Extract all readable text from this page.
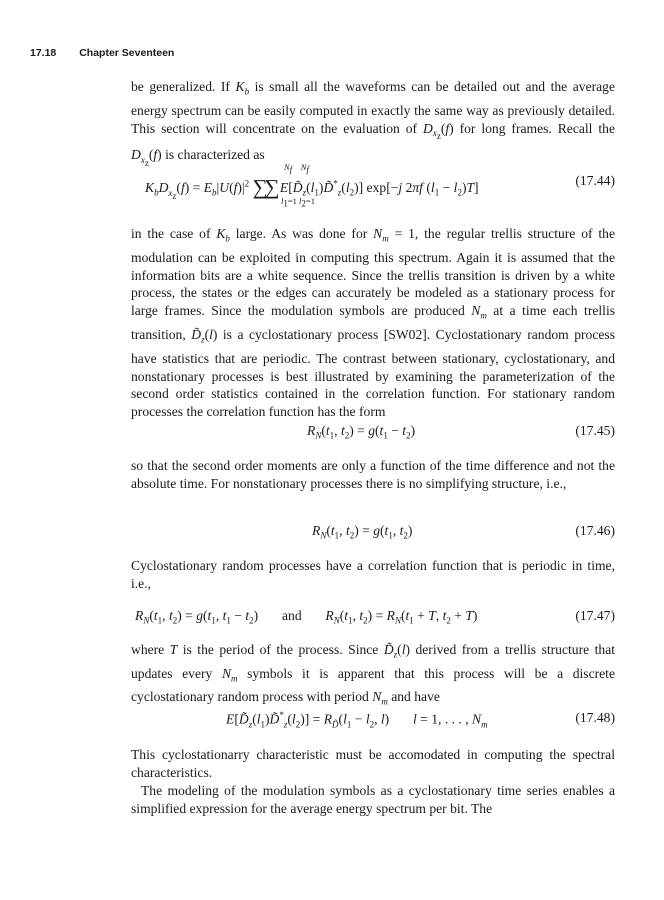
17.18 Chapter Seventeen

be generalized. If $K_b$ is small all the waveforms can be detailed out and the average energy spectrum can be easily computed in exactly the same way as previously detailed. This section will concentrate on the evaluation of $D_{x_z}(f)$ for long frames. Recall the $D_{x_z}(f)$ is characterized as

$K_bD_{x_z}(f) = E_b|U(f)|^2$ ∑∑ $E[D̃_z(l_1)D̃^*_z(l_2)]$ exp[−j 2πf $(l_1 - l_2)T$]	(17.44)
$N_f$ $N_f$
$l_1=1$ $l_2=1$

in the case of $K_b$ large. As was done for $N_m = 1$, the regular trellis structure of the modulation can be exploited in computing this spectrum. Again it is assumed that the information bits are a white sequence. Since the trellis transition is driven by a white process, the states or the edges can accurately be modeled as a stationary process for large frames. Since the modulation symbols are produced $N_m$ at a time each trellis transition, $D̃_z(l)$ is a cyclostationary process [SW02]. Cyclostationary random process have statistics that are periodic. The contrast between stationary, cyclostationary, and nonstationary processes is best illustrated by examining the parameterization of the second order statistics contained in the correlation function. For stationary random processes the correlation function has the form

$R_N(t_1$, $t_2) = g(t_1 - t_2)$	(17.45)

so that the second order moments are only a function of the time difference and not the absolute time. For nonstationary processes there is no simplifying structure, i.e.,

$R_N(t_1$, $t_2) = g(t_1$, $t_2$)	(17.46)

Cyclostationary random processes have a correlation function that is periodic in time, i.e.,

$R_N(t_1$, $t_2) = g(t_1$, $t_1 - t_2$)       and $R_N(t_1$, $t_2) = R_N(t_1 + T$, $t_2 + T$)	(17.47)

where T is the period of the process. Since $D̃_z(l)$ derived from a trellis structure that updates every $N_m$ symbols it is apparent that this process will be a discrete cyclostationary random process with period $N_m$ and have

$E[D̃_z(l_1)D̃^*_z(l_2)] = R_{D̃}(l_1 - l_2$, l)       l = 1, . . . , $N_m$	(17.48)

This cyclostationarry characteristic must be accomodated in computing the spectral characteristics.

The modeling of the modulation symbols as a cyclostationary time series enables a simplified expression for the average energy spectrum per bit. The
